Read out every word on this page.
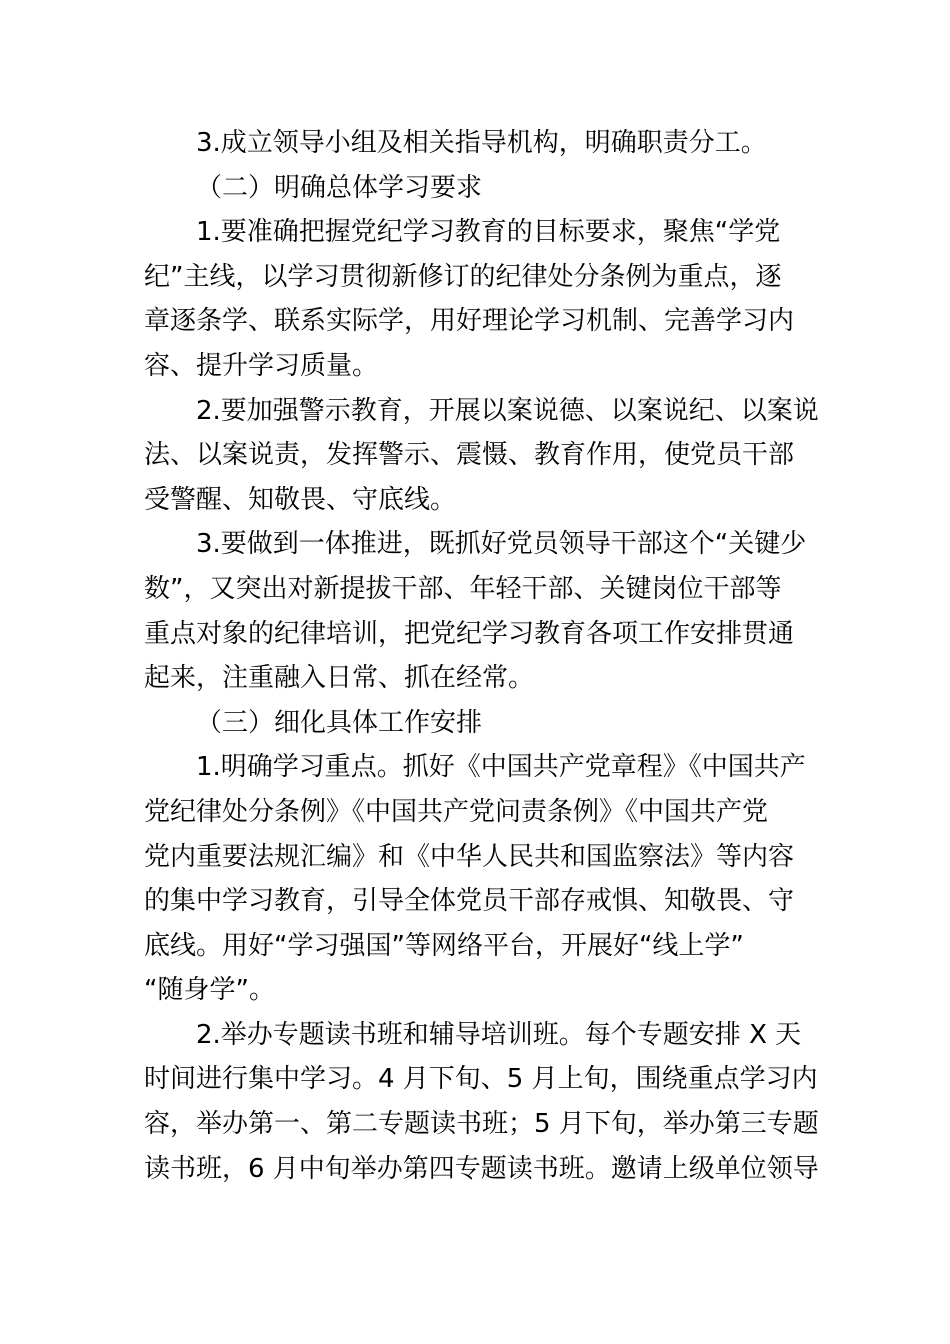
3.成立领导小组及相关指导机构，明确职责分工。
（二）明确总体学习要求
1.要准确把握党纪学习教育的目标要求，聚焦“学党
纪”主线，以学习贯彻新修订的纪律处分条例为重点，逐
章逐条学、联系实际学，用好理论学习机制、完善学习内
容、提升学习质量。
2.要加强警示教育，开展以案说德、以案说纪、以案说
法、以案说责，发挥警示、震慑、教育作用，使党员干部
受警醒、知敬畏、守底线。
3.要做到一体推进，既抓好党员领导干部这个“关键少
数”，又突出对新提拔干部、年轻干部、关键岗位干部等
重点对象的纪律培训，把党纪学习教育各项工作安排贯通
起来，注重融入日常、抓在经常。
（三）细化具体工作安排
1.明确学习重点。抓好《中国共产党章程》《中国共产
党纪律处分条例》《中国共产党问责条例》《中国共产党
党内重要法规汇编》和《中华人民共和国监察法》等内容
的集中学习教育，引导全体党员干部存戒惧、知敬畏、守
底线。用好“学习强国”等网络平台，开展好“线上学”
“随身学”。
2.举办专题读书班和辅导培训班。每个专题安排 X 天
时间进行集中学习。4 月下旬、5 月上旬，围绕重点学习内
容，举办第一、第二专题读书班；5 月下旬，举办第三专题
读书班，6 月中旬举办第四专题读书班。邀请上级单位领导
